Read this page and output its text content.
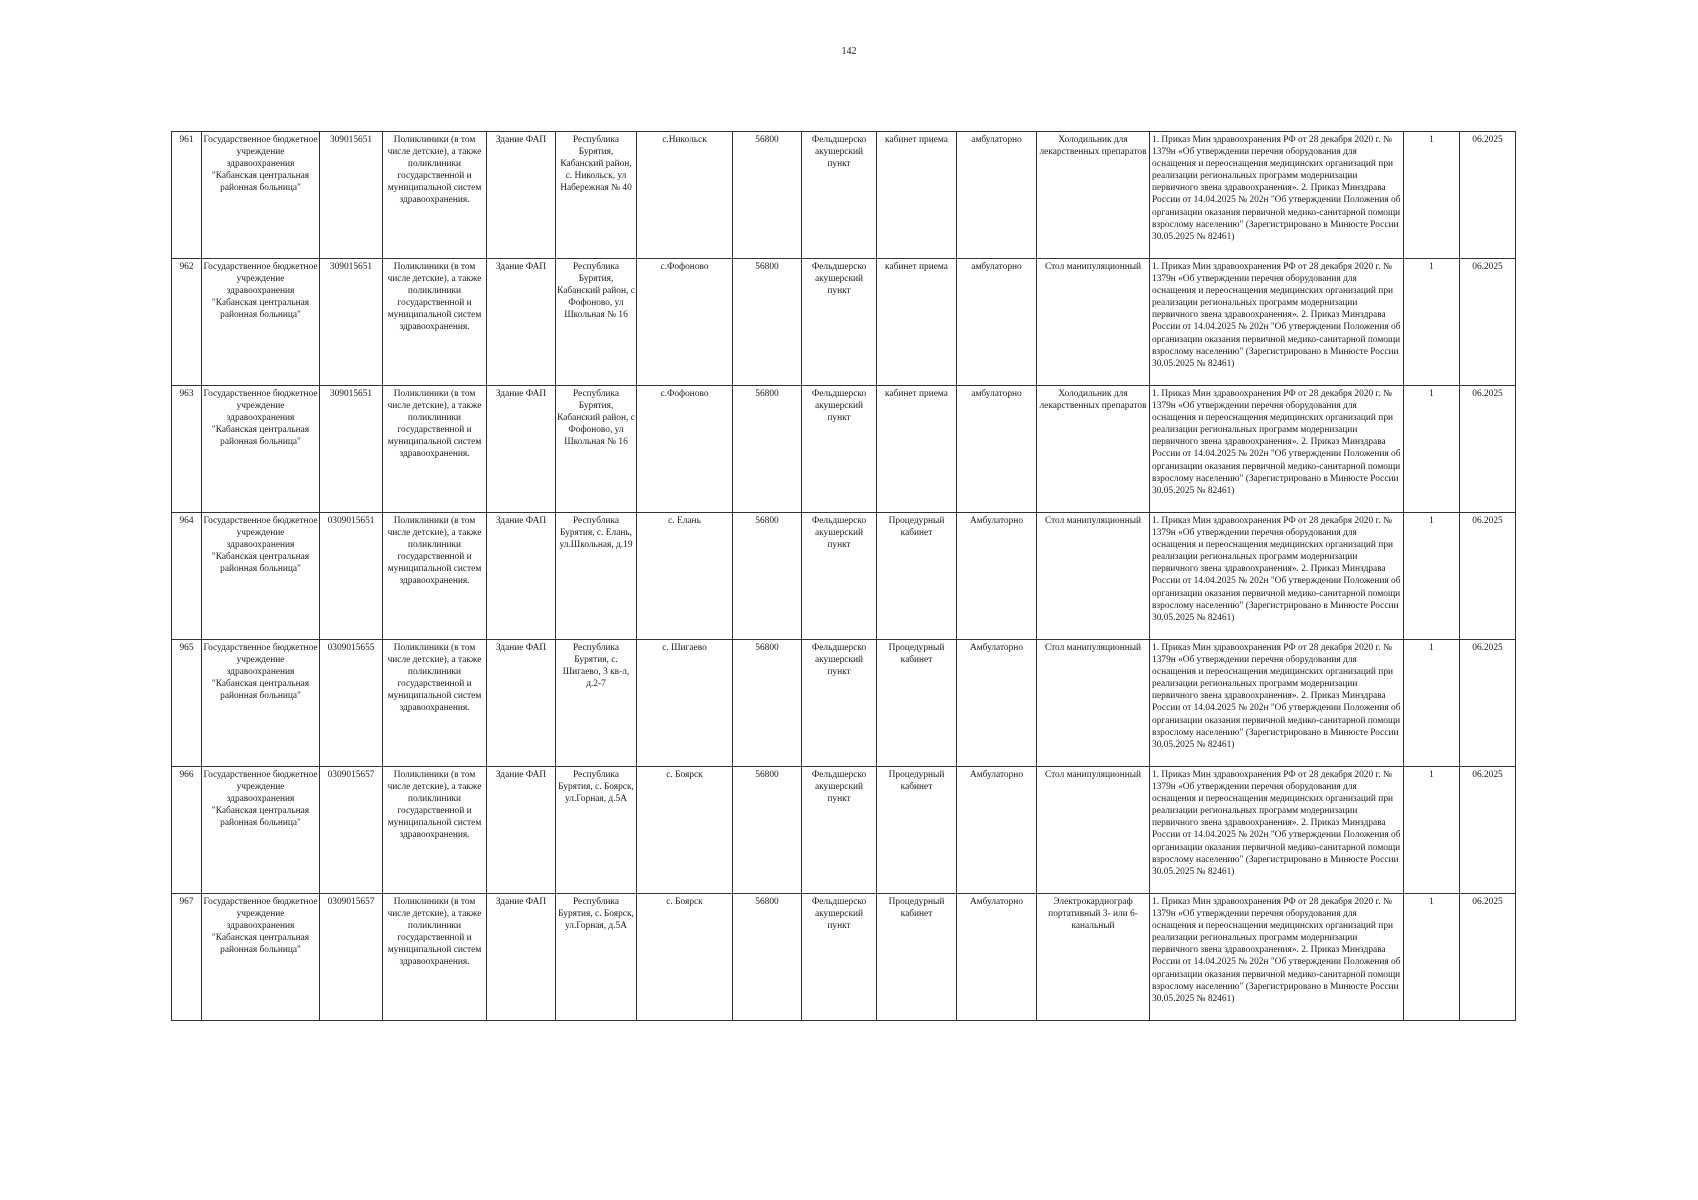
142
961	Государственное бюджетное учреждение здравоохранения "Кабанская центральная районная больница"	309015651	Поликлиники (в том числе детские), а также поликлиники государственной и муниципальной систем здравоохранения.	Здание ФАП	Республика Бурятия, Кабанский район, с. Никольск, ул Набережная № 40	с.Никольск	56800	Фельдшерско акушерский пункт	кабинет приема	амбулаторно	Холодильник для лекарственных препаратов	1. Приказ Мин здравоохранения РФ от 28 декабря 2020 г. № 1379н «Об утверждении перечня оборудования для оснащения и переоснащения медицинских организаций при реализации региональных программ модернизации первичного звена здравоохранения». 2. Приказ Минздрава России от 14.04.2025 № 202н "Об утверждении Положения об организации оказания первичной медико-санитарной помощи взрослому населению" (Зарегистрировано в Минюсте России 30.05.2025 № 82461)	1	06.2025
962	Государственное бюджетное учреждение здравоохранения "Кабанская центральная районная больница"	309015651	Поликлиники (в том числе детские), а также поликлиники государственной и муниципальной систем здравоохранения.	Здание ФАП	Республика Бурятия, Кабанский район, с Фофоново, ул Школьная № 16	с.Фофоново	56800	Фельдшерско акушерский пункт	кабинет приема	амбулаторно	Стол манипуляционный	1. Приказ Мин здравоохранения РФ от 28 декабря 2020 г. № 1379н «Об утверждении перечня оборудования для оснащения и переоснащения медицинских организаций при реализации региональных программ модернизации первичного звена здравоохранения». 2. Приказ Минздрава России от 14.04.2025 № 202н "Об утверждении Положения об организации оказания первичной медико-санитарной помощи взрослому населению" (Зарегистрировано в Минюсте России 30.05.2025 № 82461)	1	06.2025
963	Государственное бюджетное учреждение здравоохранения "Кабанская центральная районная больница"	309015651	Поликлиники (в том числе детские), а также поликлиники государственной и муниципальной систем здравоохранения.	Здание ФАП	Республика Бурятия, Кабанский район, с Фофоново, ул Школьная № 16	с.Фофоново	56800	Фельдшерско акушерский пункт	кабинет приема	амбулаторно	Холодильник для лекарственных препаратов	1. Приказ Мин здравоохранения РФ от 28 декабря 2020 г. № 1379н «Об утверждении перечня оборудования для оснащения и переоснащения медицинских организаций при реализации региональных программ модернизации первичного звена здравоохранения». 2. Приказ Минздрава России от 14.04.2025 № 202н "Об утверждении Положения об организации оказания первичной медико-санитарной помощи взрослому населению" (Зарегистрировано в Минюсте России 30.05.2025 № 82461)	1	06.2025
964	Государственное бюджетное учреждение здравоохранения "Кабанская центральная районная больница"	0309015651	Поликлиники (в том числе детские), а также поликлиники государственной и муниципальной систем здравоохранения.	Здание ФАП	Республика Бурятия, с. Елань, ул.Школьная, д.19	с. Елань	56800	Фельдшерско акушерский пункт	Процедурный кабинет	Амбулаторно	Стол манипуляционный	1. Приказ Мин здравоохранения РФ от 28 декабря 2020 г. № 1379н «Об утверждении перечня оборудования для оснащения и переоснащения медицинских организаций при реализации региональных программ модернизации первичного звена здравоохранения». 2. Приказ Минздрава России от 14.04.2025 № 202н "Об утверждении Положения об организации оказания первичной медико-санитарной помощи взрослому населению" (Зарегистрировано в Минюсте России 30.05.2025 № 82461)	1	06.2025
965	Государственное бюджетное учреждение здравоохранения "Кабанская центральная районная больница"	0309015655	Поликлиники (в том числе детские), а также поликлиники государственной и муниципальной систем здравоохранения.	Здание ФАП	Республика Бурятия, с. Шигаево, 3 кв-л, д.2-7	с. Шигаево	56800	Фельдшерско акушерский пункт	Процедурный кабинет	Амбулаторно	Стол манипуляционный	1. Приказ Мин здравоохранения РФ от 28 декабря 2020 г. № 1379н «Об утверждении перечня оборудования для оснащения и переоснащения медицинских организаций при реализации региональных программ модернизации первичного звена здравоохранения». 2. Приказ Минздрава России от 14.04.2025 № 202н "Об утверждении Положения об организации оказания первичной медико-санитарной помощи взрослому населению" (Зарегистрировано в Минюсте России 30.05.2025 № 82461)	1	06.2025
966	Государственное бюджетное учреждение здравоохранения "Кабанская центральная районная больница"	0309015657	Поликлиники (в том числе детские), а также поликлиники государственной и муниципальной систем здравоохранения.	Здание ФАП	Республика Бурятия, с. Боярск, ул.Горная, д.5А	с. Боярск	56800	Фельдшерско акушерский пункт	Процедурный кабинет	Амбулаторно	Стол манипуляционный	1. Приказ Мин здравоохранения РФ от 28 декабря 2020 г. № 1379н «Об утверждении перечня оборудования для оснащения и переоснащения медицинских организаций при реализации региональных программ модернизации первичного звена здравоохранения». 2. Приказ Минздрава России от 14.04.2025 № 202н "Об утверждении Положения об организации оказания первичной медико-санитарной помощи взрослому населению" (Зарегистрировано в Минюсте России 30.05.2025 № 82461)	1	06.2025
967	Государственное бюджетное учреждение здравоохранения "Кабанская центральная районная больница"	0309015657	Поликлиники (в том числе детские), а также поликлиники государственной и муниципальной систем здравоохранения.	Здание ФАП	Республика Бурятия, с. Боярск, ул.Горная, д.5А	с. Боярск	56800	Фельдшерско акушерский пункт	Процедурный кабинет	Амбулаторно	Электрокардиограф портативный 3- или 6- канальный	1. Приказ Мин здравоохранения РФ от 28 декабря 2020 г. № 1379н «Об утверждении перечня оборудования для оснащения и переоснащения медицинских организаций при реализации региональных программ модернизации первичного звена здравоохранения». 2. Приказ Минздрава России от 14.04.2025 № 202н "Об утверждении Положения об организации оказания первичной медико-санитарной помощи взрослому населению" (Зарегистрировано в Минюсте России 30.05.2025 № 82461)	1	06.2025
